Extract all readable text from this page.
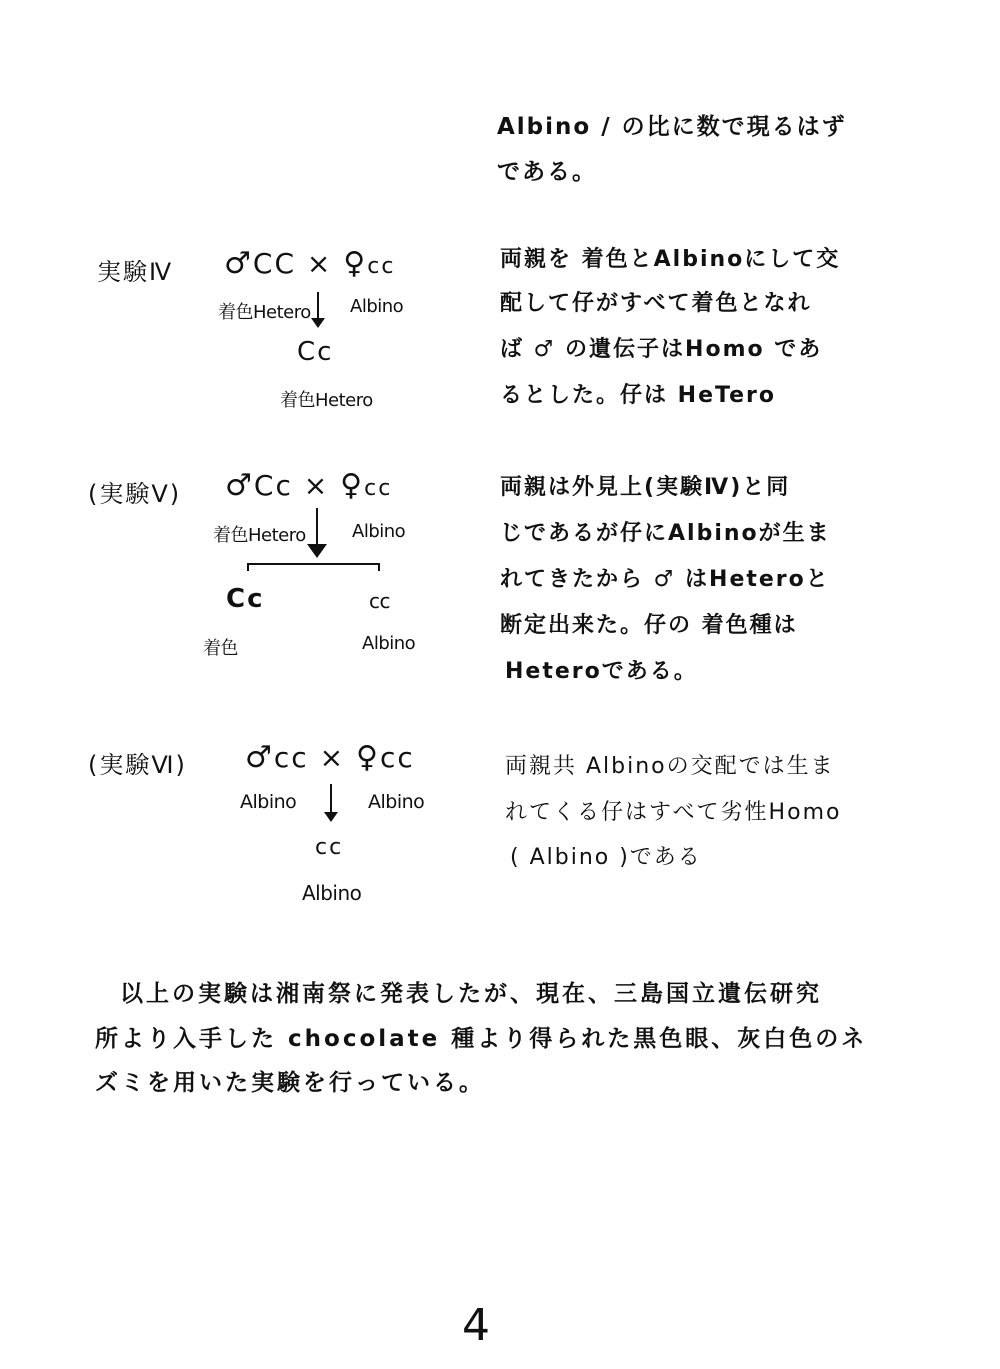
Albino / の比に数で現るはず
である。
実験Ⅳ ♂CC × ♀cc
着色Hetero Albino
Cc
着色Hetero
両親を 着色とAlbinoにして交
配して仔がすべて着色となれ
ば ♂ の遺伝子はHomo であ
るとした。仔は HeTero
(実験Ⅴ) ♂Cc × ♀cc
着色Hetero	Albino
Cc	cc
着色	Albino
両親は外見上(実験Ⅳ)と同
じであるが仔にAlbinoが生ま
れてきたから ♂ はHeteroと
断定出来た。仔の 着色種は
Heteroである。
(実験Ⅵ) ♂cc × ♀cc
Albino	Albino
cc
Albino
両親共 Albinoの交配では生ま
れてくる仔はすべて劣性Homo
( Albino )である
以上の実験は湘南祭に発表したが、現在、三島国立遺伝研究
所より入手した chocolate 種より得られた黒色眼、灰白色のネ
ズミを用いた実験を行っている。
4
